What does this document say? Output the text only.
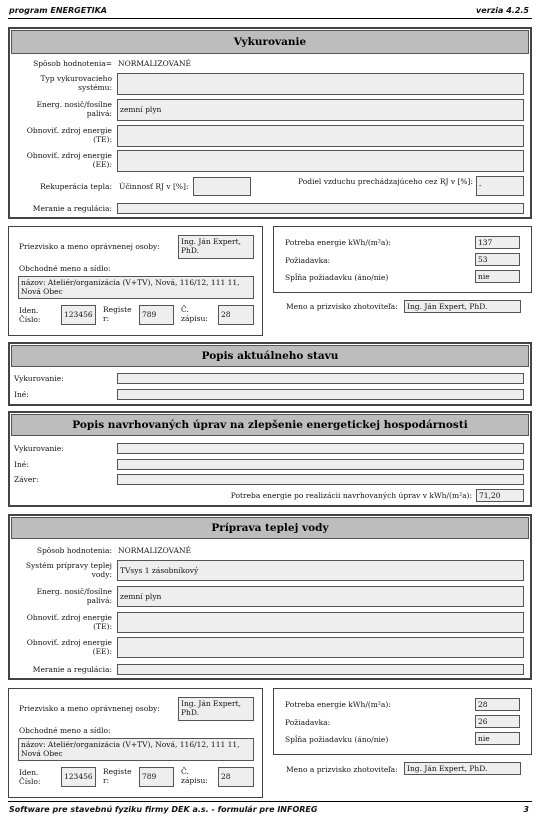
program ENERGETIKA	verzia 4.2.5
Vykurovanie
Spôsob hodnotenia= NORMALIZOVANÉ
Typ vykurovacieho systému:
Energ. nosič/fosílne palivá:	zemní plyn
Obnoviť. zdroj energie (TE):
Obnoviť. zdroj energie (EE):
Rekuperácia tepla: Účinnosť RJ v [%]:
Podiel vzduchu prechádzajúceho cez RJ v [%]: -
Meranie a regulácia:
Priezvisko a meno oprávnenej osoby:
Ing. Ján Expert, PhD.
Obchodné meno a sídlo:
názov: Ateliér/organizácia (V+TV), Nová, 116/12, 111 11, Nová Obec
Iden. Číslo:
123456
Registe r:	789
Č. zápisu:	28
Potreba energie kWh/(m²a):	137
Požiadavka:	53
Spĺňa požiadavku (áno/nie)	nie
Meno a prizvisko zhotoviteľa:	Ing. Ján Expert, PhD.
Popis aktuálneho stavu
Vykurovanie:
Iné:
Popis navrhovaných úprav na zlepšenie energetickej hospodárnosti
Vykurovanie:
Iné:
Záver:
Potreba energie po realizácii navrhovaných úprav v kWh/(m²a): 71,20
Príprava teplej vody
Spôsob hodnotenia: NORMALIZOVANÉ
Systém prípravy teplej vody:	TVsys 1 zásobníkový
Energ. nosič/fosílne palivá:	zemní plyn
Obnoviť. zdroj energie (TE):
Obnoviť. zdroj energie (EE):
Meranie a regulácia:
Priezvisko a meno oprávnenej osoby:
Ing. Ján Expert, PhD.
Obchodné meno a sídlo:
názov: Ateliér/organizácia (V+TV), Nová, 116/12, 111 11, Nová Obec
Iden. Číslo:
123456
Registe r:	789
Č. zápisu:	28
Potreba energie kWh/(m²a):	28
Požiadavka:	26
Spĺňa požiadavku (áno/nie)	nie
Meno a prizvisko zhotoviteľa:	Ing. Ján Expert, PhD.
Software pre stavebnú fyziku firmy DEK a.s. - formulár pre INFOREG	3
